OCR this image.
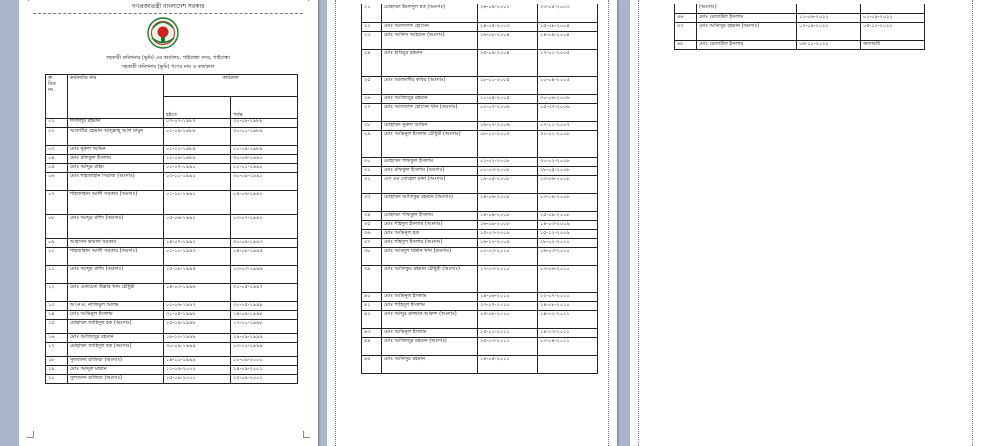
গণপ্রজাতন্ত্রী বাংলাদেশ সরকার
সহকারী কমিশনার (ভূমি) এর কার্যালয়, গাইবান্ধা সদর, গাইবান্ধা
সহকারী কমিশনার (ভূমি) গণের নাম ও কার্যকাল
ক্র
মিক
নং	কর্মকর্তার নাম	কার্যকাল	
		হইতে	পর্যন্ত
০১	ফজিলুর রহমান	০৭-০৭-১৯৮৭	৩০-০৮-১৯৮৮
০২	আতাউর রহমান আব্দুল্লাহ্‌ আল মামুন	০১-০৯-১৯৮৮	৩০-০১-১৯৮৯
০৩	মোঃ নুরুল আমিন	০১-০২-১৯৮৯	১১-০৯-১৯৮৯
০৪	মোঃ রফিকুল ইসলাম	১২-০৯-১৯৮৯	৩০-০৬-১৯৯০
০৫	মোঃ আব্দুর রহিম	০১-০৭-১৯৯০	১২-১১-১৯৯০
০৬	মোঃ শাহজাহান সিরাজ (অঃদাঃ)	১৩-১১-১৯৯০	৩০-০৯-১৯৯১
০৭	শাহজাহান আলী সরকার (অঃদাঃ)	০১-১০-১৯৯১	০৪-০৬-১৯৯২
০৮	মোঃ আব্দুর রশিদ (অঃদাঃ)	০৫-০৬-১৯৯২	১৩-০৭-১৯৯২
০৯	আহসান কামাল সরকার	১৪-০৭-১৯৯২	৩০-০৯-১৯৯৩
১০	শাহজাহান আলী সরকার (অঃদাঃ)	০১-১০-১৯৯৩	১৪-০৮-১৯৯৫
১১	মোঃ আব্দুর রশিদ (অঃদাঃ)	১৫-০৮-১৯৯৫	১৩-০৩-১৯৯৬
১২	মোঃ এনায়েত উল্লাহ খান চৌধুরী	১৪-০৩-১৯৯৬	৩১-০৫-১৯৯৭
১৩	আ.ন.ম. নাজিমুল আলম	০১-০৬-১৯৯৭	৩০-০৫-১৯৯৮
১৪	মোঃ আমিনুল ইসলাম	৩১-০৫-১৯৯৮	১৪-০৯-১৯৯৮
১৫	মোহাম্মদ জাহিদুল হক (অঃদাঃ)	১৫-০৯-১৯৯৮	১৭-১০-১৯৯৮
১৬	মোঃ আজিজুর রহমান	১৮-১০-১৯৯৮	২৯-০৯-১৯৯৯
১৭	মোহাম্মদ জাহিদুল হক (অঃদাঃ)	৩০-০৯-১৯৯৯	১৩-১০-১৯৯৯
১৮	সুলতানা রাজিয়া (অঃদাঃ)	১৪-১০-১৯৯৯	১০-০৯-২০০০
১৯	মোঃ আব্দুল মান্নান	১১-০৯-২০০০	১৪-০৯-২০০১
২০	সুলতানা রাজিয়া (অঃদাঃ)	১৫-০৯-২০০১	২৫-০৯-২০০১
২১	মোহাম্মদ ইমদাদুল হক (অঃদাঃ)	২৬-০৯-২০০১	২৩-০৫-২০০৩
২২	মোঃ আলতাফ হোসেন	২৪-০৫-২০০৩	১৫-০৮-২০০৪
২৩	মোঃ আনিস আহমেদ (অঃদাঃ)	১৬-০৮-২০০৪	১৪-০৯-২০০৪
২৪	মোঃ হাবিবুর রহমান	১৫-০৯-২০০৪	১৭-০১-২০০৫
২৫	মোঃ আলমগীর কবির (অঃদাঃ)	১৮-০১-২০০৫	১০-০৪-২০০৫
২৬	মোঃ আজিজুর রহমান	১১-০৪-২০০৫	৩০-০৬-২০০৬
২৭	মোঃ আলতাফ হোসেন খান (অঃদাঃ)	০১-০৭-২০০৬	১৫-০৭-২০০৬
২৮	মোহাম্মদ নুরুল আমিন	১৬-০৭-২০০৬	০৭-১১-২০০৭
২৯	মোঃ আমিনুল ইসলাম চৌধুরী (অঃদাঃ)	০৮-১১-২০০৭	৩১-০১-২০০৮
৩০	মোহাম্মদ শফিকুল ইসলাম	০১-০২-২০০৮	৩০-০২-২০০৮
৩১	মোঃ রফিকুল ইসলাম (অঃদাঃ)	০১-০৩-২০০৮	১৮-০৫-২০০৮
৩২	এস এম সোহেল রানা (অঃদাঃ)	১৯-০৫-২০০৮	১৩-০৬-২০০৮
৩৩	মোহাম্মদ আতিকুর রহমান (অঃদাঃ)	১৪-০৬-২০০৮	১৩-০৯-২০০৮
৩৪	মোহাম্মদ শফিকুল ইসলাম	১৪-০৯-২০০৮	১৫-০৯-২০০৮
৩৫	মোঃ শহিদুল ইসলাম (অঃদাঃ)	১৬-০৯-২০০৮	১৪-০৩-২০০৯
৩৬	মোঃ আমিনুল হক	১৫-০৩-২০০৯	১৫-১২-২০০৯
৩৭	মোঃ শহিদুল ইসলাম (অঃদাঃ)	১৬-১২-২০০৯	২৮-০২-২০১০
৩৮	মোঃ আবদুল মান্নান খান (অঃদাঃ)	০১-০৩-২০১০	১৬-০৩-২০১০
৩৯	মোঃ আতিকুর রহমান চৌধুরী (অঃদাঃ)	১৭-০৩-২০১০	১৩-০৬-২০১০
৪০	মোঃ আমিনুল ইসলাম	১৪-০৬-২০১০	২২-০৭-২০১০
৪১	মোঃ শাহিদুল ইসলাম	২৩-০৭-২০১০	২৪-০৮-২০১০
৪২	মোঃ আব্দুর রাজ্জাক আকন্দ (অঃদাঃ)	২৫-০৮-২০১০	১৪-০১-২০১১
৪৩	মোঃ আমিনুল ইসলাম	১৫-০১-২০১১	১৪-০৩-২০১১
৪৪	মোঃ আজিজুর রহমান (অঃদাঃ)	১৫-০৩-২০১১	১৩-০৪-২০১১
৪৫	মোঃ আনিসুর রহমান	১৪-০৪-২০১১	
	(অঃদাঃ)		
৪৬	মোঃ রেজাউল ইসলাম	১১-০৬-২০১১	০১-০৯-২০১১
৪৭	মোঃ আনিসুর রহমান (অঃদাঃ)	০২-০৯-২০১১	০৫-১১-২০১১
৪৮	মোঃ রেজাউল ইসলাম	০৬-১১-২০১১	অদ্যাবধি
